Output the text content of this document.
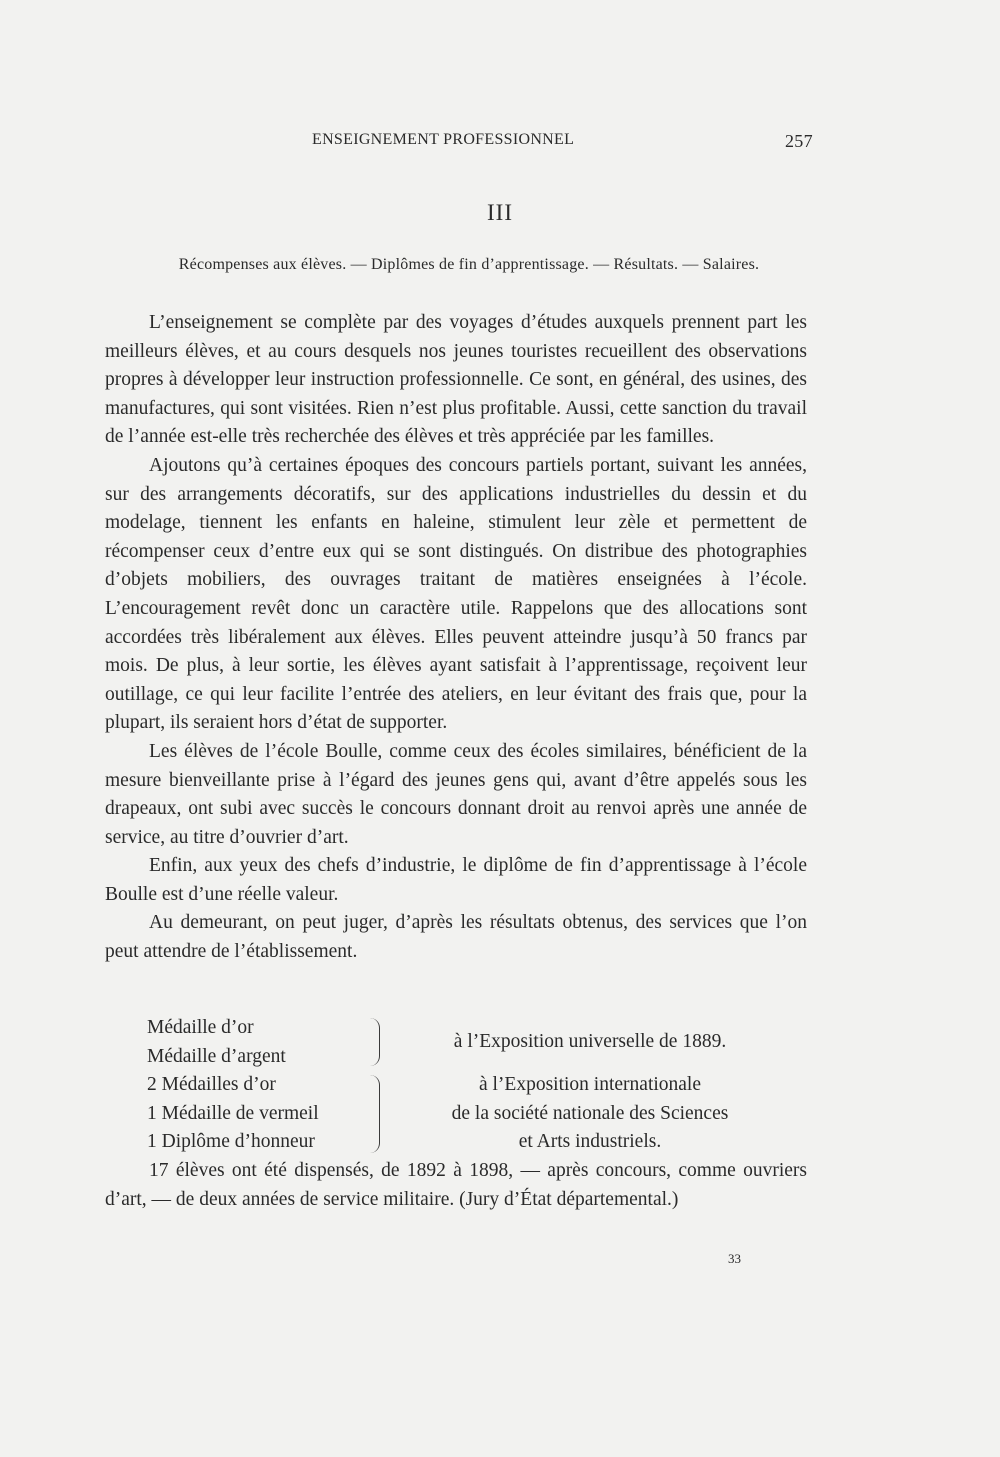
ENSEIGNEMENT PROFESSIONNEL	257
III
Récompenses aux élèves. — Diplômes de fin d’apprentissage. — Résultats. — Salaires.

L’enseignement se complète par des voyages d’études auxquels prennent part les meilleurs élèves, et au cours desquels nos jeunes touristes recueillent des observations propres à développer leur instruction professionnelle. Ce sont, en général, des usines, des manufactures, qui sont visitées. Rien n’est plus profitable. Aussi, cette sanction du travail de l’année est-elle très recherchée des élèves et très appréciée par les familles.

Ajoutons qu’à certaines époques des concours partiels portant, suivant les années, sur des arrangements décoratifs, sur des applications industrielles du dessin et du modelage, tiennent les enfants en haleine, stimulent leur zèle et permettent de récompenser ceux d’entre eux qui se sont distingués. On distribue des photographies d’objets mobiliers, des ouvrages traitant de matières enseignées à l’école. L’encouragement revêt donc un caractère utile. Rappelons que des allocations sont accordées très libéralement aux élèves. Elles peuvent atteindre jusqu’à 50 francs par mois. De plus, à leur sortie, les élèves ayant satisfait à l’apprentissage, reçoivent leur outillage, ce qui leur facilite l’entrée des ateliers, en leur évitant des frais que, pour la plupart, ils seraient hors d’état de supporter.

Les élèves de l’école Boulle, comme ceux des écoles similaires, bénéficient de la mesure bienveillante prise à l’égard des jeunes gens qui, avant d’être appelés sous les drapeaux, ont subi avec succès le concours donnant droit au renvoi après une année de service, au titre d’ouvrier d’art.

Enfin, aux yeux des chefs d’industrie, le diplôme de fin d’apprentissage à l’école Boulle est d’une réelle valeur.

Au demeurant, on peut juger, d’après les résultats obtenus, des services que l’on peut attendre de l’établissement.

Médaille d’or
Médaille d’argent
à l’Exposition universelle de 1889.
2 Médailles d’or
1 Médaille de vermeil
1 Diplôme d’honneur
à l’Exposition internationale
de la société nationale des Sciences
et Arts industriels.

17 élèves ont été dispensés, de 1892 à 1898, — après concours, comme ouvriers d’art, — de deux années de service militaire. (Jury d’État départemental.)

33
